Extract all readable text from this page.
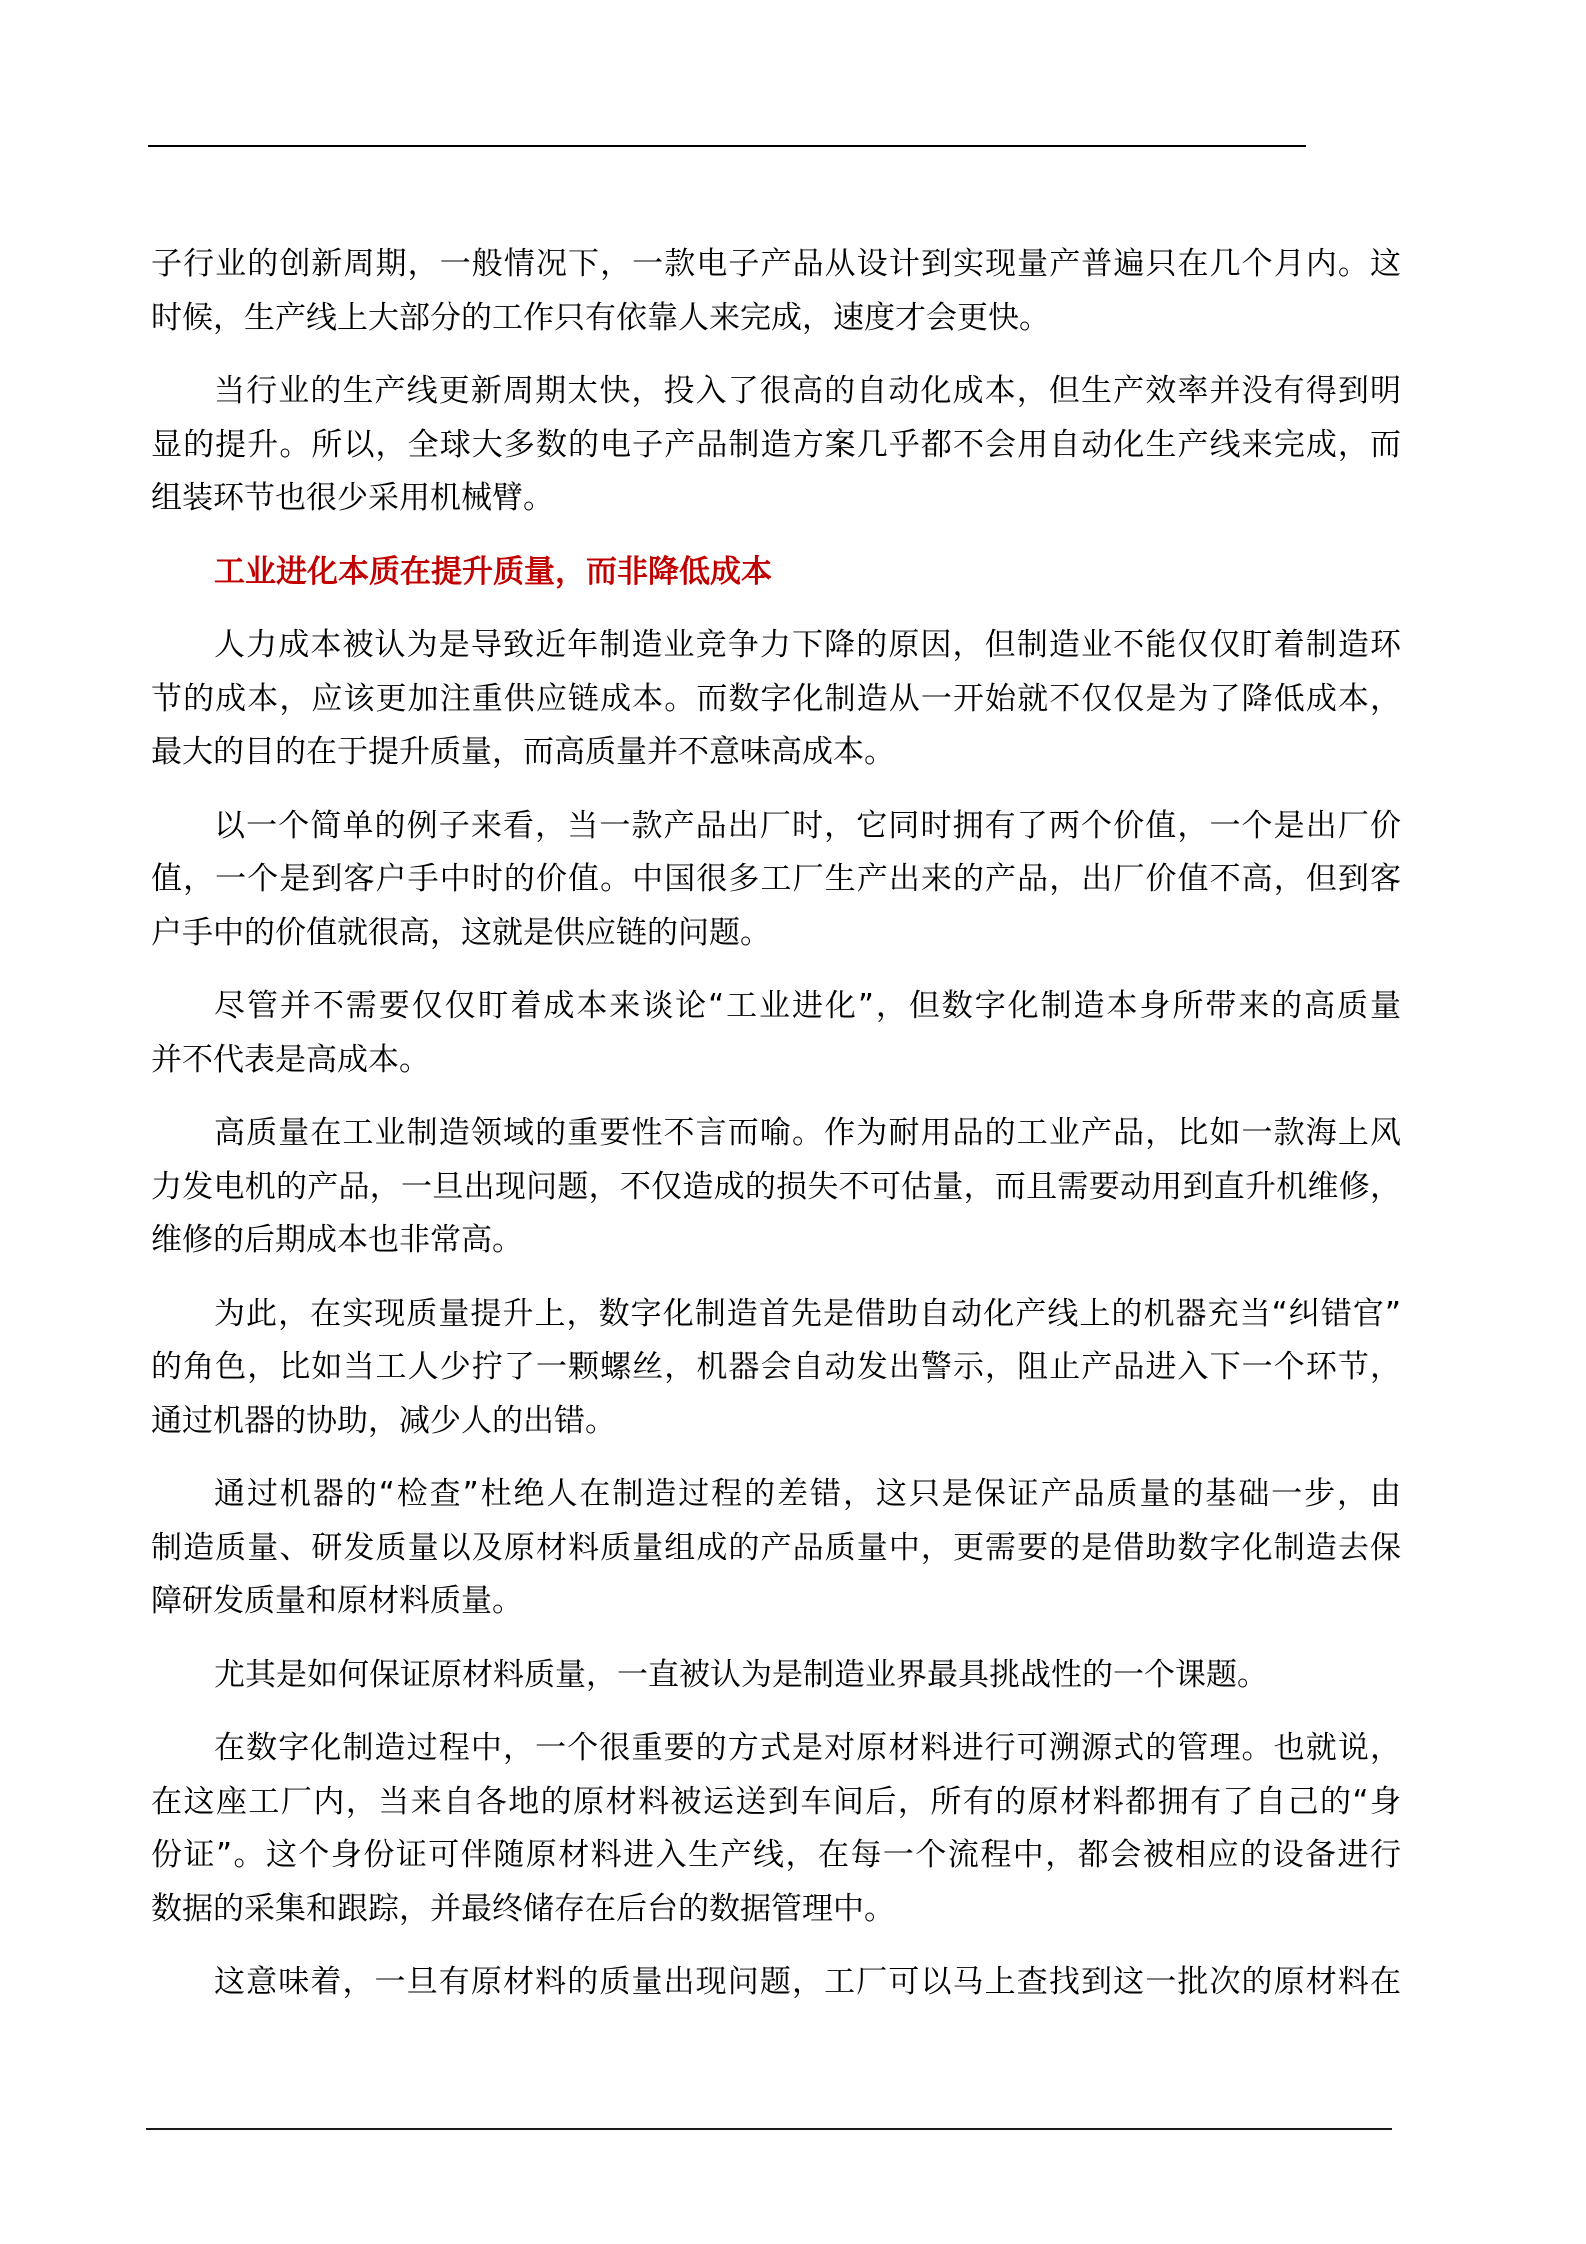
子行业的创新周期，一般情况下，一款电子产品从设计到实现量产普遍只在几个月内。这
时候，生产线上大部分的工作只有依靠人来完成，速度才会更快。

当行业的生产线更新周期太快，投入了很高的自动化成本，但生产效率并没有得到明
显的提升。所以，全球大多数的电子产品制造方案几乎都不会用自动化生产线来完成，而
组装环节也很少采用机械臂。

工业进化本质在提升质量，而非降低成本

人力成本被认为是导致近年制造业竞争力下降的原因，但制造业不能仅仅盯着制造环
节的成本，应该更加注重供应链成本。而数字化制造从一开始就不仅仅是为了降低成本，
最大的目的在于提升质量，而高质量并不意味高成本。

以一个简单的例子来看，当一款产品出厂时，它同时拥有了两个价值，一个是出厂价
值，一个是到客户手中时的价值。中国很多工厂生产出来的产品，出厂价值不高，但到客
户手中的价值就很高，这就是供应链的问题。

尽管并不需要仅仅盯着成本来谈论“工业进化”，但数字化制造本身所带来的高质量
并不代表是高成本。

高质量在工业制造领域的重要性不言而喻。作为耐用品的工业产品，比如一款海上风
力发电机的产品，一旦出现问题，不仅造成的损失不可估量，而且需要动用到直升机维修，
维修的后期成本也非常高。

为此，在实现质量提升上，数字化制造首先是借助自动化产线上的机器充当“纠错官”
的角色，比如当工人少拧了一颗螺丝，机器会自动发出警示，阻止产品进入下一个环节，
通过机器的协助，减少人的出错。

通过机器的“检查”杜绝人在制造过程的差错，这只是保证产品质量的基础一步，由
制造质量、研发质量以及原材料质量组成的产品质量中，更需要的是借助数字化制造去保
障研发质量和原材料质量。

尤其是如何保证原材料质量，一直被认为是制造业界最具挑战性的一个课题。

在数字化制造过程中，一个很重要的方式是对原材料进行可溯源式的管理。也就说，
在这座工厂内，当来自各地的原材料被运送到车间后，所有的原材料都拥有了自己的“身
份证”。这个身份证可伴随原材料进入生产线，在每一个流程中，都会被相应的设备进行
数据的采集和跟踪，并最终储存在后台的数据管理中。

这意味着，一旦有原材料的质量出现问题，工厂可以马上查找到这一批次的原材料在
